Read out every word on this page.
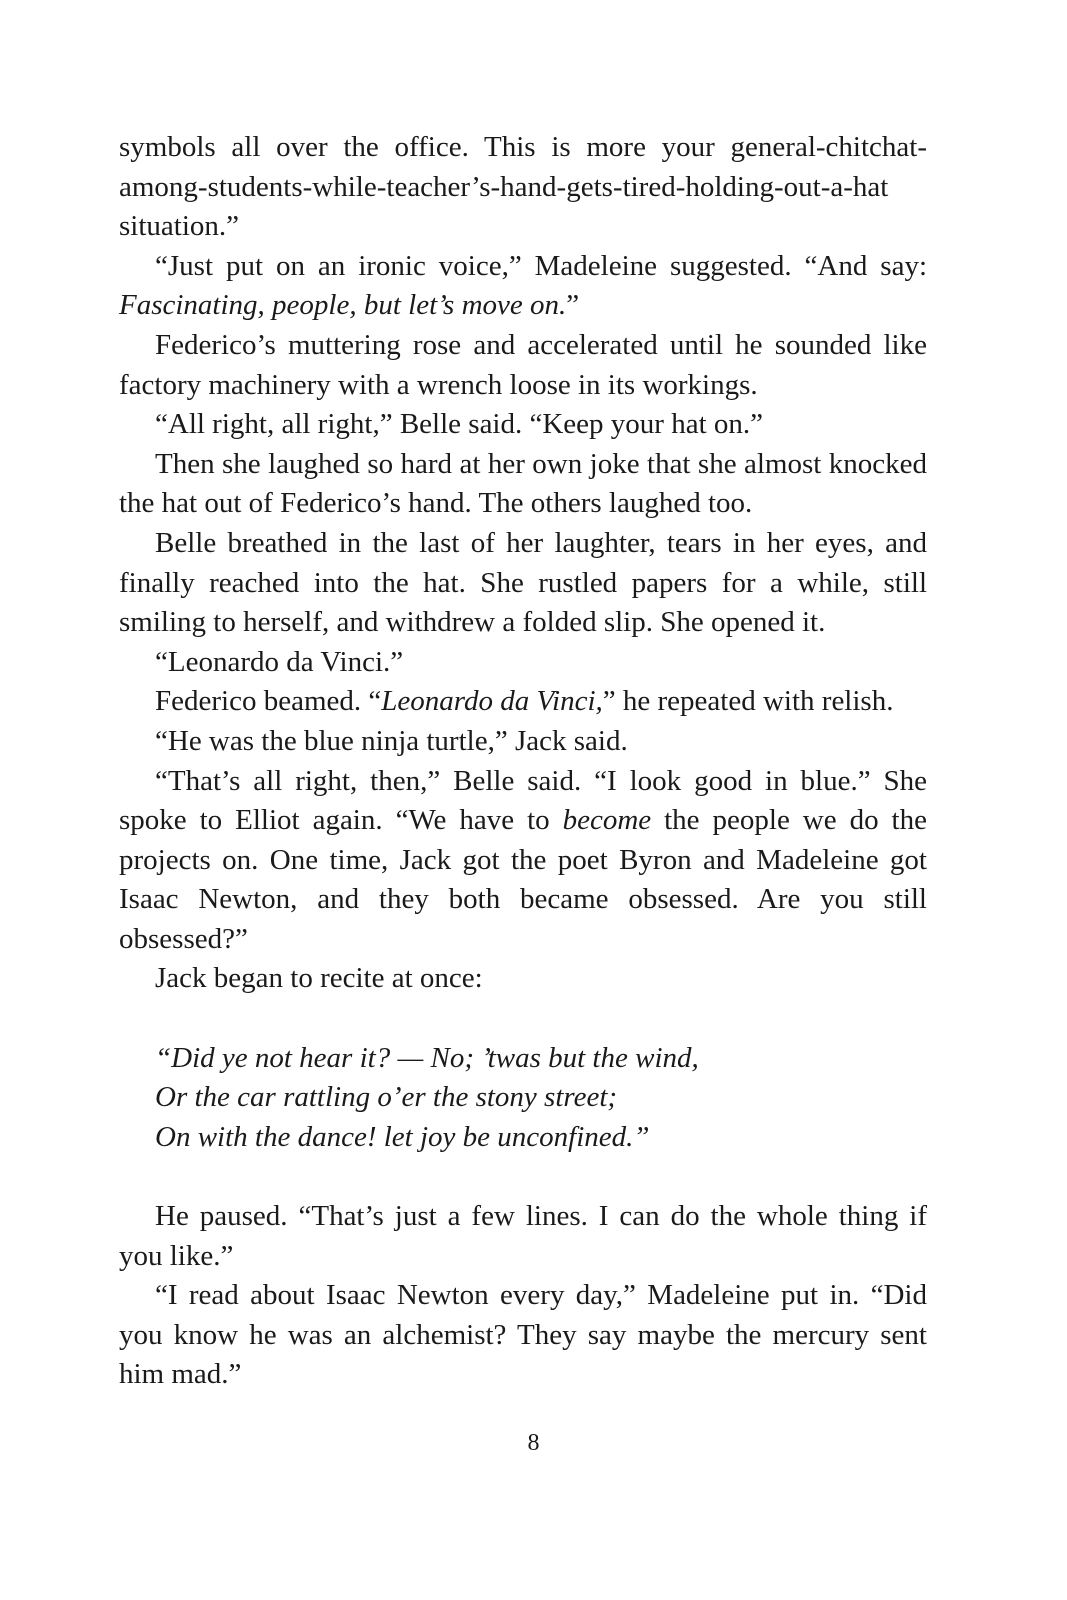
symbols all over the office. This is more your general-chitchat-among-students-while-teacher’s-hand-gets-tired-holding-out-a-hat situation.”

“Just put on an ironic voice,” Madeleine suggested. “And say: Fascinating, people, but let’s move on.”

Federico’s muttering rose and accelerated until he sounded like factory machinery with a wrench loose in its workings.

“All right, all right,” Belle said. “Keep your hat on.”

Then she laughed so hard at her own joke that she almost knocked the hat out of Federico’s hand. The others laughed too.

Belle breathed in the last of her laughter, tears in her eyes, and finally reached into the hat. She rustled papers for a while, still smiling to herself, and withdrew a folded slip. She opened it.

“Leonardo da Vinci.”

Federico beamed. “Leonardo da Vinci,” he repeated with relish.

“He was the blue ninja turtle,” Jack said.

“That’s all right, then,” Belle said. “I look good in blue.” She spoke to Elliot again. “We have to become the people we do the projects on. One time, Jack got the poet Byron and Madeleine got Isaac Newton, and they both became obsessed. Are you still obsessed?”

Jack began to recite at once:

“Did ye not hear it? — No; ’twas but the wind,
Or the car rattling o’er the stony street;
On with the dance! let joy be unconfined.”

He paused. “That’s just a few lines. I can do the whole thing if you like.”

“I read about Isaac Newton every day,” Madeleine put in. “Did you know he was an alchemist? They say maybe the mercury sent him mad.”

8
